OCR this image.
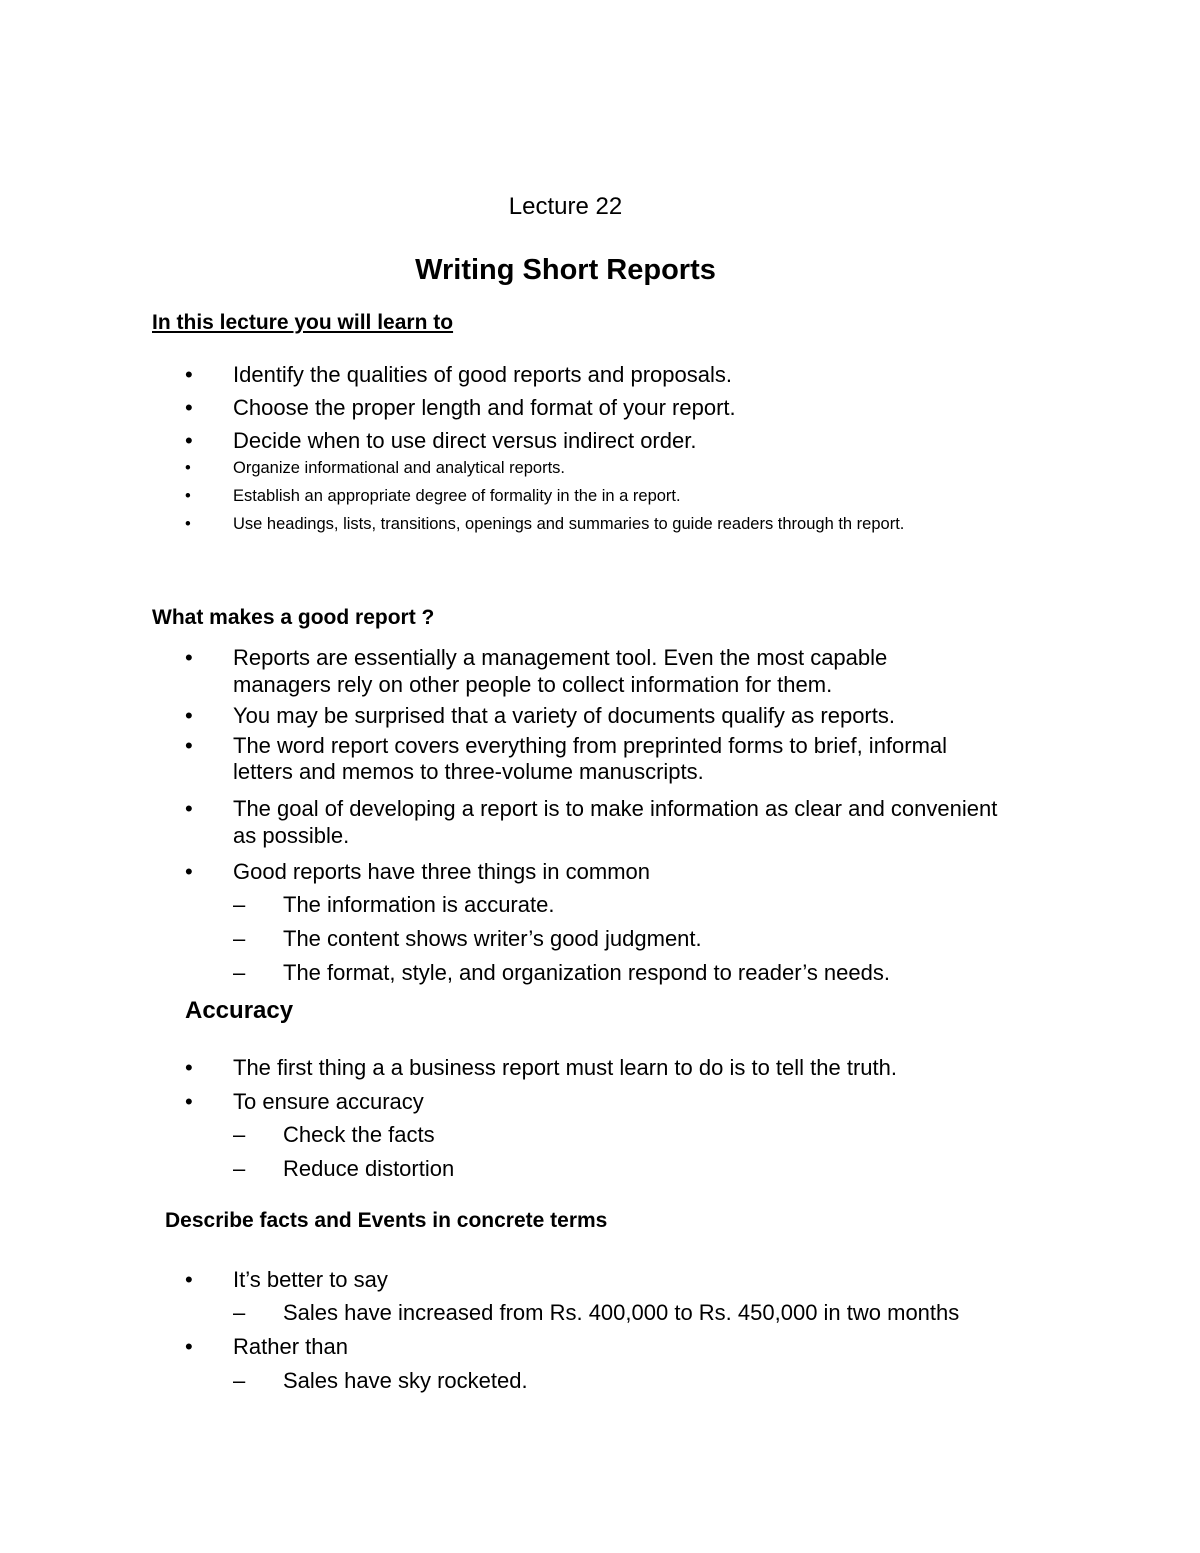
Lecture 22

Writing Short Reports

In this lecture you will learn to

• Identify the qualities of good reports and proposals.

• Choose the proper length and format of your report.

• Decide when to use direct versus indirect order.

•	Organize informational and analytical reports.

•	Establish an appropriate degree of formality in the in a report.

•	Use headings, lists, transitions, openings and summaries to guide readers through th report.

What makes a good report ?

• Reports are essentially a management tool. Even the most capable

managers rely on other people to collect information for them.

• You may be surprised that a variety of documents qualify as reports.

• The word report covers everything from preprinted forms to brief, informal

letters and memos to three-volume manuscripts.

• The goal of developing a report is to make information as clear and convenient

as possible.

• Good reports have three things in common

– The information is accurate.

– The content shows writer’s good judgment.

– The format, style, and organization respond to reader’s needs.

Accuracy

• The first thing a a business report must learn to do is to tell the truth.

• To ensure accuracy

– Check the facts

– Reduce distortion

Describe facts and Events in concrete terms

• It’s better to say

– Sales have increased from Rs. 400,000 to Rs. 450,000 in two months

• Rather than

– Sales have sky rocketed.
